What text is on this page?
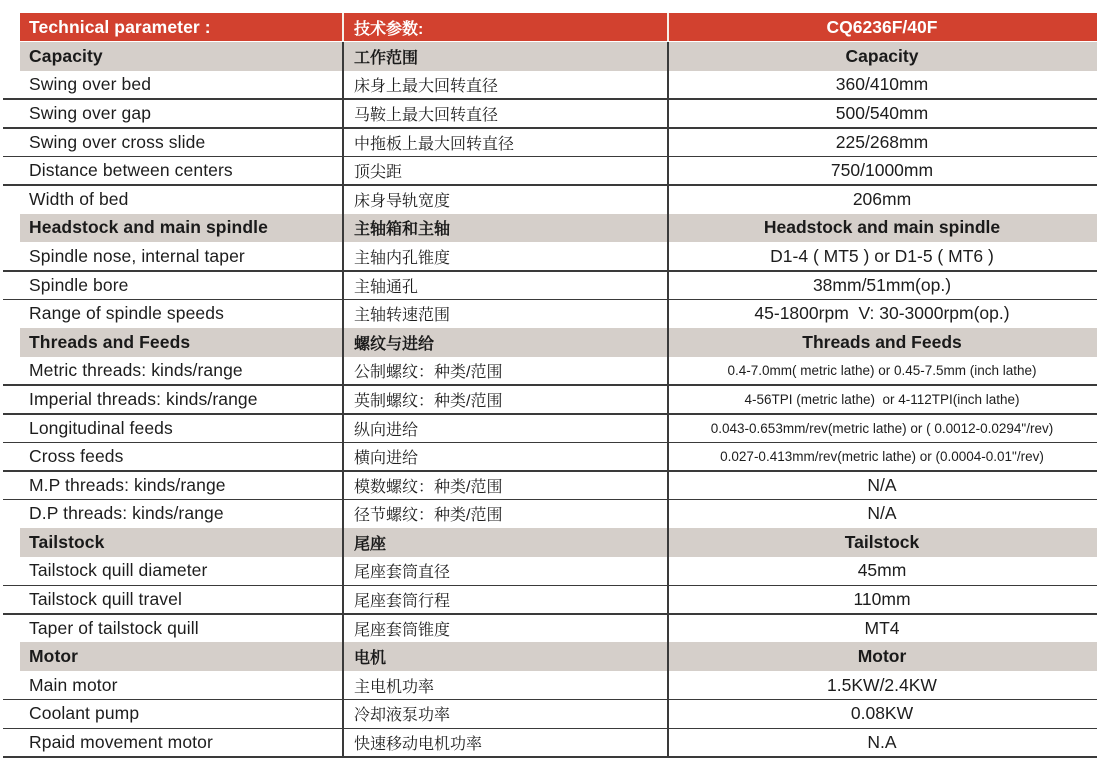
Technical parameter :	技术参数:	CQ6236F/40F
Capacity	工作范围	Capacity
Swing over bed	床身上最大回转直径	360/410mm
Swing over gap	马鞍上最大回转直径	500/540mm
Swing over cross slide	中拖板上最大回转直径	225/268mm
Distance between centers	顶尖距	750/1000mm
Width of bed	床身导轨宽度	206mm
Headstock and main spindle	主轴箱和主轴	Headstock and main spindle
Spindle nose, internal taper	主轴内孔锥度	D1-4 ( MT5 ) or D1-5 ( MT6 )
Spindle bore	主轴通孔	38mm/51mm(op.)
Range of spindle speeds	主轴转速范围	45-1800rpm  V: 30-3000rpm(op.)
Threads and Feeds	螺纹与进给	Threads and Feeds
Metric threads: kinds/range	公制螺纹：种类/范围	0.4-7.0mm( metric lathe) or 0.45-7.5mm (inch lathe)
Imperial threads: kinds/range	英制螺纹：种类/范围	4-56TPI (metric lathe)  or 4-112TPI(inch lathe)
Longitudinal feeds	纵向进给	0.043-0.653mm/rev(metric lathe) or ( 0.0012-0.0294"/rev)
Cross feeds	横向进给	0.027-0.413mm/rev(metric lathe) or (0.0004-0.01"/rev)
M.P threads: kinds/range	模数螺纹：种类/范围	N/A
D.P threads: kinds/range	径节螺纹：种类/范围	N/A
Tailstock	尾座	Tailstock
Tailstock quill diameter	尾座套筒直径	45mm
Tailstock quill travel	尾座套筒行程	110mm
Taper of tailstock quill	尾座套筒锥度	MT4
Motor	电机	Motor
Main motor	主电机功率	1.5KW/2.4KW
Coolant pump	冷却液泵功率	0.08KW
Rpaid movement motor	快速移动电机功率	N.A
